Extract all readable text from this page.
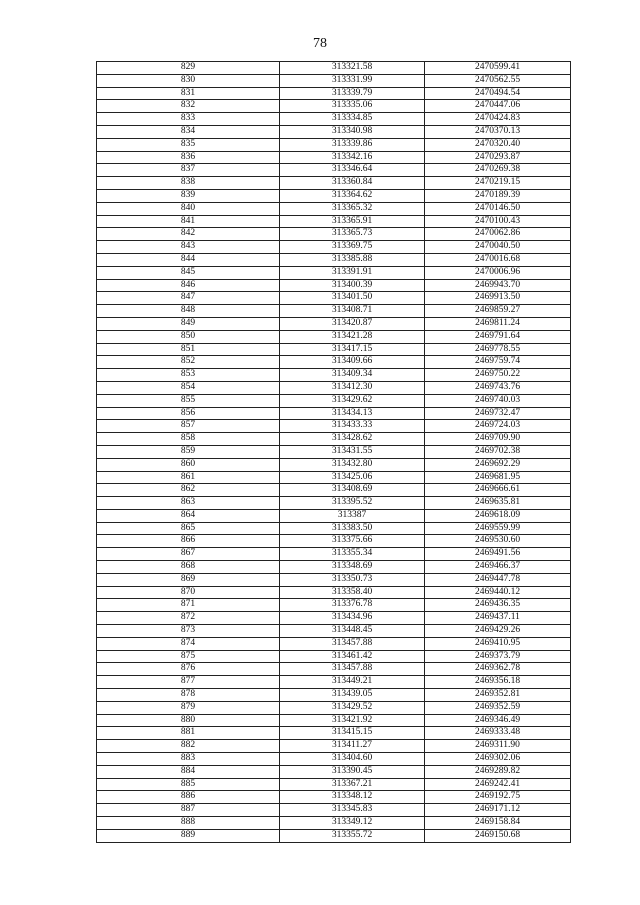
78
829	313321.58	2470599.41
830	313331.99	2470562.55
831	313339.79	2470494.54
832	313335.06	2470447.06
833	313334.85	2470424.83
834	313340.98	2470370.13
835	313339.86	2470320.40
836	313342.16	2470293.87
837	313346.64	2470269.38
838	313360.84	2470219.15
839	313364.62	2470189.39
840	313365.32	2470146.50
841	313365.91	2470100.43
842	313365.73	2470062.86
843	313369.75	2470040.50
844	313385.88	2470016.68
845	313391.91	2470006.96
846	313400.39	2469943.70
847	313401.50	2469913.50
848	313408.71	2469859.27
849	313420.87	2469811.24
850	313421.28	2469791.64
851	313417.15	2469778.55
852	313409.66	2469759.74
853	313409.34	2469750.22
854	313412.30	2469743.76
855	313429.62	2469740.03
856	313434.13	2469732.47
857	313433.33	2469724.03
858	313428.62	2469709.90
859	313431.55	2469702.38
860	313432.80	2469692.29
861	313425.06	2469681.95
862	313408.69	2469666.61
863	313395.52	2469635.81
864	313387	2469618.09
865	313383.50	2469559.99
866	313375.66	2469530.60
867	313355.34	2469491.56
868	313348.69	2469466.37
869	313350.73	2469447.78
870	313358.40	2469440.12
871	313376.78	2469436.35
872	313434.96	2469437.11
873	313448.45	2469429.26
874	313457.88	2469410.95
875	313461.42	2469373.79
876	313457.88	2469362.78
877	313449.21	2469356.18
878	313439.05	2469352.81
879	313429.52	2469352.59
880	313421.92	2469346.49
881	313415.15	2469333.48
882	313411.27	2469311.90
883	313404.60	2469302.06
884	313390.45	2469289.82
885	313367.21	2469242.41
886	313348.12	2469192.75
887	313345.83	2469171.12
888	313349.12	2469158.84
889	313355.72	2469150.68
